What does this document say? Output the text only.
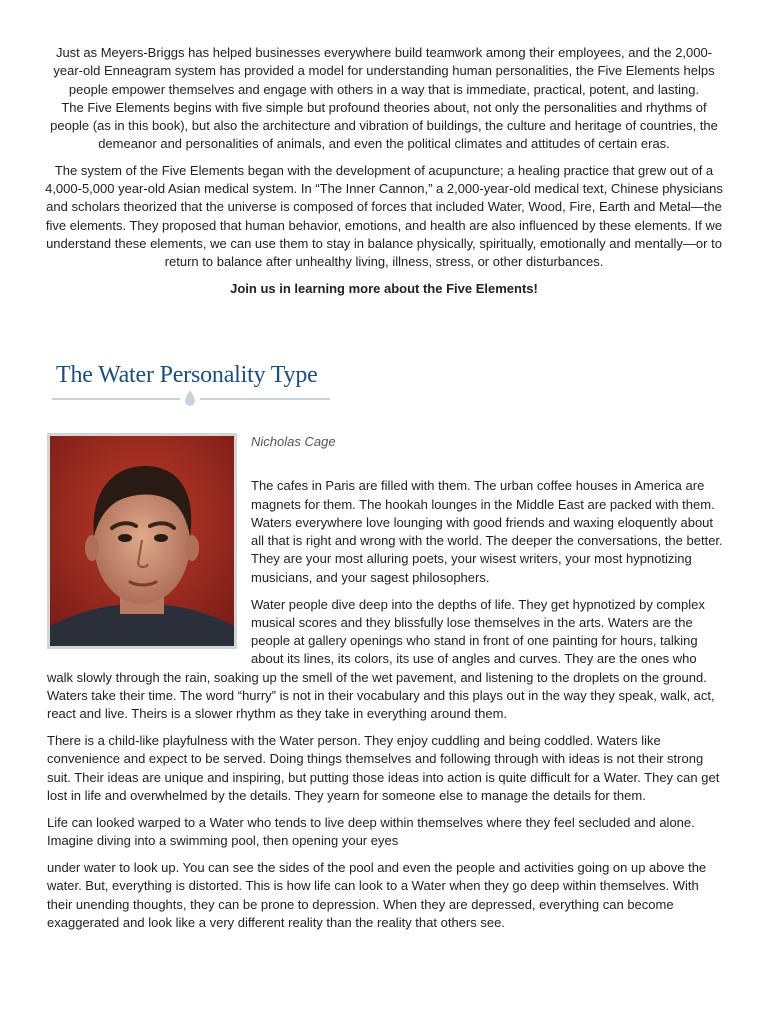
Just as Meyers-Briggs has helped businesses everywhere build teamwork among their employees, and the 2,000-year-old Enneagram system has provided a model for understanding human personalities, the Five Elements helps people empower themselves and engage with others in a way that is immediate, practical, potent, and lasting.

The Five Elements begins with five simple but profound theories about, not only the personalities and rhythms of people (as in this book), but also the architecture and vibration of buildings, the culture and heritage of countries, the demeanor and personalities of animals, and even the political climates and attitudes of certain eras.

The system of the Five Elements began with the development of acupuncture; a healing practice that grew out of a 4,000-5,000 year-old Asian medical system. In “The Inner Cannon,” a 2,000-year-old medical text, Chinese physicians and scholars theorized that the universe is composed of forces that included Water, Wood, Fire, Earth and Metal—the five elements. They proposed that human behavior, emotions, and health are also influenced by these elements. If we understand these elements, we can use them to stay in balance physically, spiritually, emotionally and mentally—or to return to balance after unhealthy living, illness, stress, or other disturbances.

Join us in learning more about the Five Elements!

The Water Personality Type

Nicholas Cage

The cafes in Paris are filled with them. The urban coffee houses in America are magnets for them. The hookah lounges in the Middle East are packed with them. Waters everywhere love lounging with good friends and waxing eloquently about all that is right and wrong with the world. The deeper the conversations, the better. They are your most alluring poets, your wisest writers, your most hypnotizing musicians, and your sagest philosophers.

Water people dive deep into the depths of life. They get hypnotized by complex musical scores and they blissfully lose themselves in the arts. Waters are the people at gallery openings who stand in front of one painting for hours, talking about its lines, its colors, its use of angles and curves. They are the ones who walk slowly through the rain, soaking up the smell of the wet pavement, and listening to the droplets on the ground. Waters take their time. The word “hurry” is not in their vocabulary and this plays out in the way they speak, walk, act, react and live. Theirs is a slower rhythm as they take in everything around them.

There is a child-like playfulness with the Water person. They enjoy cuddling and being coddled. Waters like convenience and expect to be served. Doing things themselves and following through with ideas is not their strong suit. Their ideas are unique and inspiring, but putting those ideas into action is quite difficult for a Water. They can get lost in life and overwhelmed by the details. They yearn for someone else to manage the details for them.

Life can looked warped to a Water who tends to live deep within themselves where they feel secluded and alone. Imagine diving into a swimming pool, then opening your eyes

under water to look up. You can see the sides of the pool and even the people and activities going on up above the water. But, everything is distorted. This is how life can look to a Water when they go deep within themselves. With their unending thoughts, they can be prone to depression. When they are depressed, everything can become exaggerated and look like a very different reality than the reality that others see.
